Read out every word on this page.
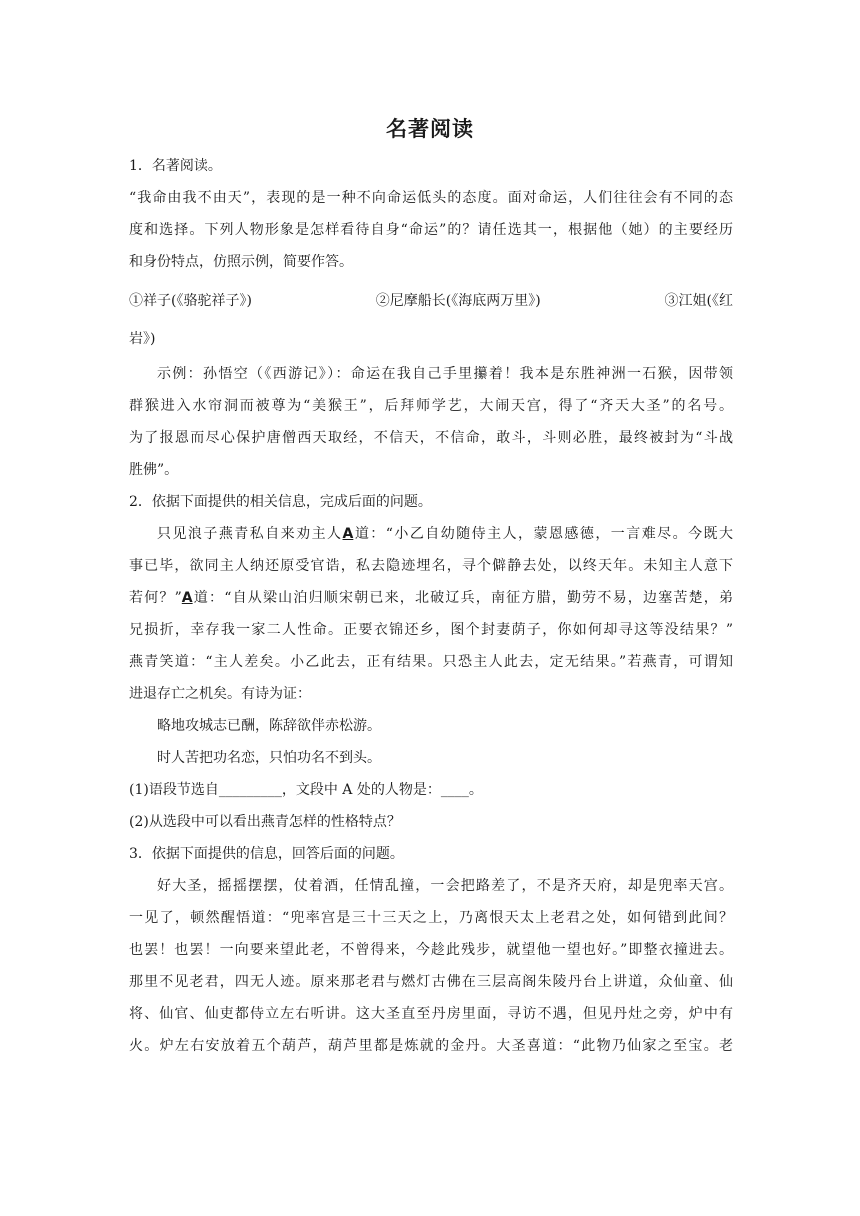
名著阅读
1．名著阅读。
“我命由我不由天”，表现的是一种不向命运低头的态度。面对命运，人们往往会有不同的态
度和选择。下列人物形象是怎样看待自身“命运”的？请任选其一，根据他（她）的主要经历
和身份特点，仿照示例，简要作答。
①祥子(《骆驼祥子》)	②尼摩船长(《海底两万里》)	③江姐(《红
岩》)
示例：孙悟空（《西游记》）：命运在我自己手里攥着！我本是东胜神洲一石猴，因带领
群猴进入水帘洞而被尊为“美猴王”，后拜师学艺，大闹天宫，得了“齐天大圣”的名号。
为了报恩而尽心保护唐僧西天取经，不信天，不信命，敢斗，斗则必胜，最终被封为“斗战
胜佛”。
2．依据下面提供的相关信息，完成后面的问题。
只见浪子燕青私自来劝主人A道：“小乙自幼随侍主人，蒙恩感德，一言难尽。今既大
事已毕，欲同主人纳还原受官诰，私去隐迹埋名，寻个僻静去处，以终天年。未知主人意下
若何？”A道：“自从梁山泊归顺宋朝已来，北破辽兵，南征方腊，勤劳不易，边塞苦楚，弟
兄损折，幸存我一家二人性命。正要衣锦还乡，图个封妻荫子，你如何却寻这等没结果？”
燕青笑道：“主人差矣。小乙此去，正有结果。只恐主人此去，定无结果。”若燕青，可谓知
进退存亡之机矣。有诗为证：
略地攻城志已酬，陈辞欲伴赤松游。
时人苦把功名恋，只怕功名不到头。
(1)语段节选自_________，文段中 A 处的人物是：____。
(2)从选段中可以看出燕青怎样的性格特点？
3．依据下面提供的信息，回答后面的问题。
好大圣，摇摇摆摆，仗着酒，任情乱撞，一会把路差了，不是齐天府，却是兜率天宫。
一见了，顿然醒悟道：“兜率宫是三十三天之上，乃离恨天太上老君之处，如何错到此间？
也罢！也罢！一向要来望此老，不曾得来，今趁此残步，就望他一望也好。”即整衣撞进去。
那里不见老君，四无人迹。原来那老君与燃灯古佛在三层高阁朱陵丹台上讲道，众仙童、仙
将、仙官、仙吏都侍立左右听讲。这大圣直至丹房里面，寻访不遇，但见丹灶之旁，炉中有
火。炉左右安放着五个葫芦，葫芦里都是炼就的金丹。大圣喜道：“此物乃仙家之至宝。老
